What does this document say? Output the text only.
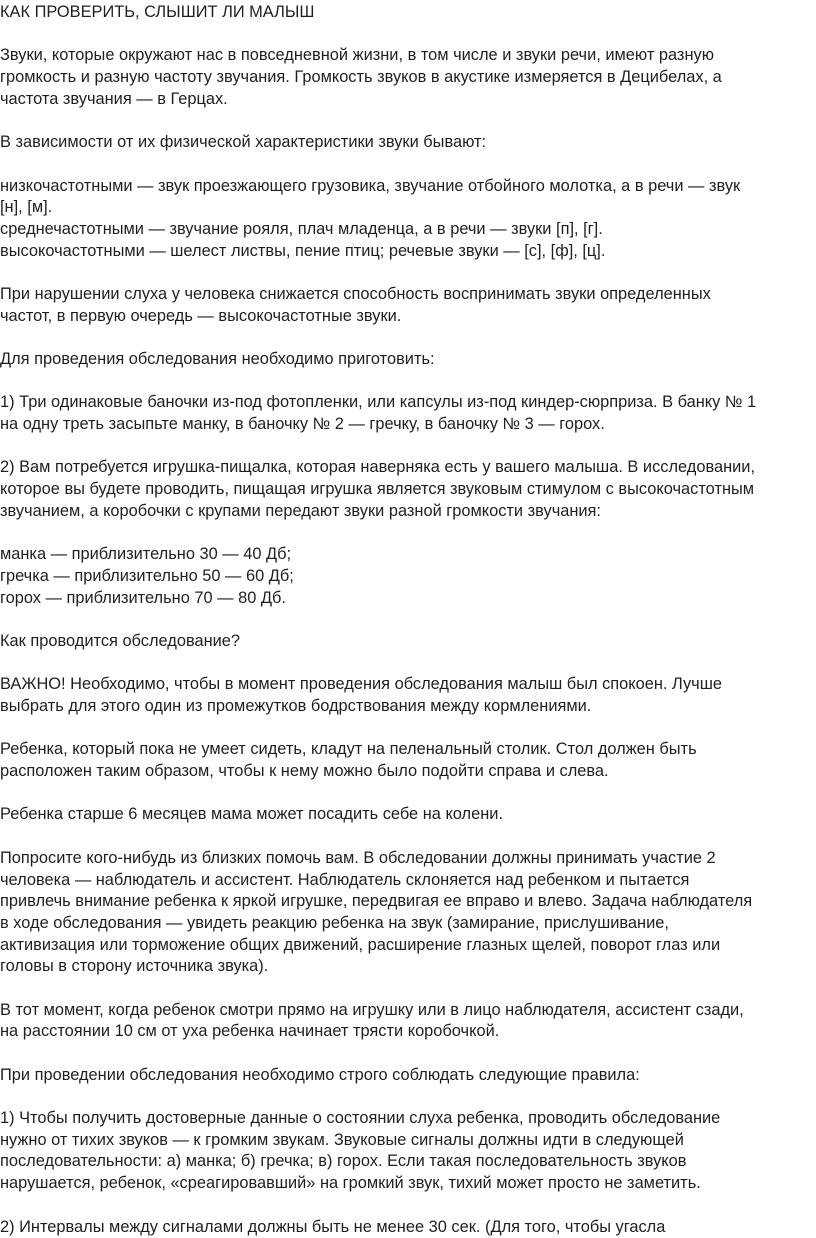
КАК ПРОВЕРИТЬ, СЛЫШИТ ЛИ МАЛЫШ
Звуки, которые окружают нас в повседневной жизни, в том числе и звуки речи, имеют разную
громкость и разную частоту звучания. Громкость звуков в акустике измеряется в Децибелах, а
частота звучания — в Герцах.
В зависимости от их физической характеристики звуки бывают:
низкочастотными — звук проезжающего грузовика, звучание отбойного молотка, а в речи — звук
[н], [м].
среднечастотными — звучание рояля, плач младенца, а в речи — звуки [п], [г].
высокочастотными — шелест листвы, пение птиц; речевые звуки — [с], [ф], [ц].
При нарушении слуха у человека снижается способность воспринимать звуки определенных
частот, в первую очередь — высокочастотные звуки.
Для проведения обследования необходимо приготовить:
1) Три одинаковые баночки из-под фотопленки, или капсулы из-под киндер-сюрприза. В банку № 1
на одну треть засыпьте манку, в баночку № 2 — гречку, в баночку № 3 — горох.
2) Вам потребуется игрушка-пищалка, которая наверняка есть у вашего малыша. В исследовании,
которое вы будете проводить, пищащая игрушка является звуковым стимулом с высокочастотным
звучанием, а коробочки с крупами передают звуки разной громкости звучания:
манка — приблизительно 30 — 40 Дб;
гречка — приблизительно 50 — 60 Дб;
горох — приблизительно 70 — 80 Дб.
Как проводится обследование?
ВАЖНО! Необходимо, чтобы в момент проведения обследования малыш был спокоен. Лучше
выбрать для этого один из промежутков бодрствования между кормлениями.
Ребенка, который пока не умеет сидеть, кладут на пеленальный столик. Стол должен быть
расположен таким образом, чтобы к нему можно было подойти справа и слева.
Ребенка старше 6 месяцев мама может посадить себе на колени.
Попросите кого-нибудь из близких помочь вам. В обследовании должны принимать участие 2
человека — наблюдатель и ассистент. Наблюдатель склоняется над ребенком и пытается
привлечь внимание ребенка к яркой игрушке, передвигая ее вправо и влево. Задача наблюдателя
в ходе обследования — увидеть реакцию ребенка на звук (замирание, прислушивание,
активизация или торможение общих движений, расширение глазных щелей, поворот глаз или
головы в сторону источника звука).
В тот момент, когда ребенок смотри прямо на игрушку или в лицо наблюдателя, ассистент сзади,
на расстоянии 10 см от уха ребенка начинает трясти коробочкой.
При проведении обследования необходимо строго соблюдать следующие правила:
1) Чтобы получить достоверные данные о состоянии слуха ребенка, проводить обследование
нужно от тихих звуков — к громким звукам. Звуковые сигналы должны идти в следующей
последовательности: а) манка; б) гречка; в) горох. Если такая последовательность звуков
нарушается, ребенок, «среагировавший» на громкий звук, тихий может просто не заметить.
2) Интервалы между сигналами должны быть не менее 30 сек. (Для того, чтобы угасла
